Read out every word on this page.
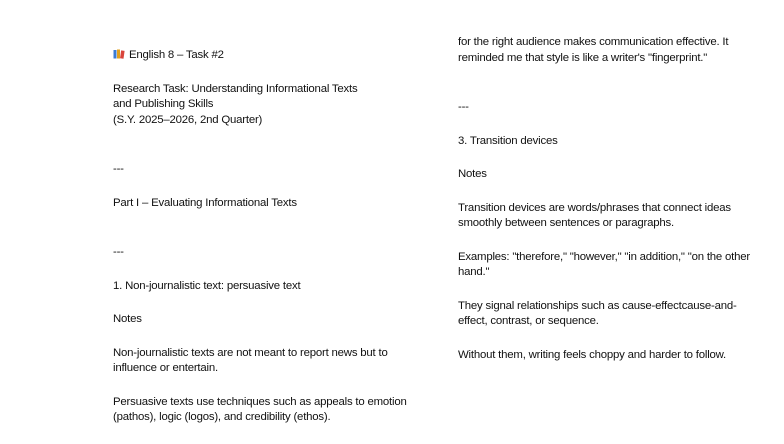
English 8 – Task #2

Research Task: Understanding Informational Texts
and Publishing Skills
(S.Y. 2025–2026, 2nd Quarter)

---

Part I – Evaluating Informational Texts

---

1. Non-journalistic text: persuasive text

Notes

Non-journalistic texts are not meant to report news but to influence or entertain.

Persuasive texts use techniques such as appeals to emotion (pathos), logic (logos), and credibility (ethos).

for the right audience makes communication effective. It reminded me that style is like a writer's "fingerprint."

---

3. Transition devices

Notes

Transition devices are words/phrases that connect ideas smoothly between sentences or paragraphs.

Examples: "therefore," "however," "in addition," "on the other hand."

They signal relationships such as cause-effectcause-and-effect, contrast, or sequence.

Without them, writing feels choppy and harder to follow.
